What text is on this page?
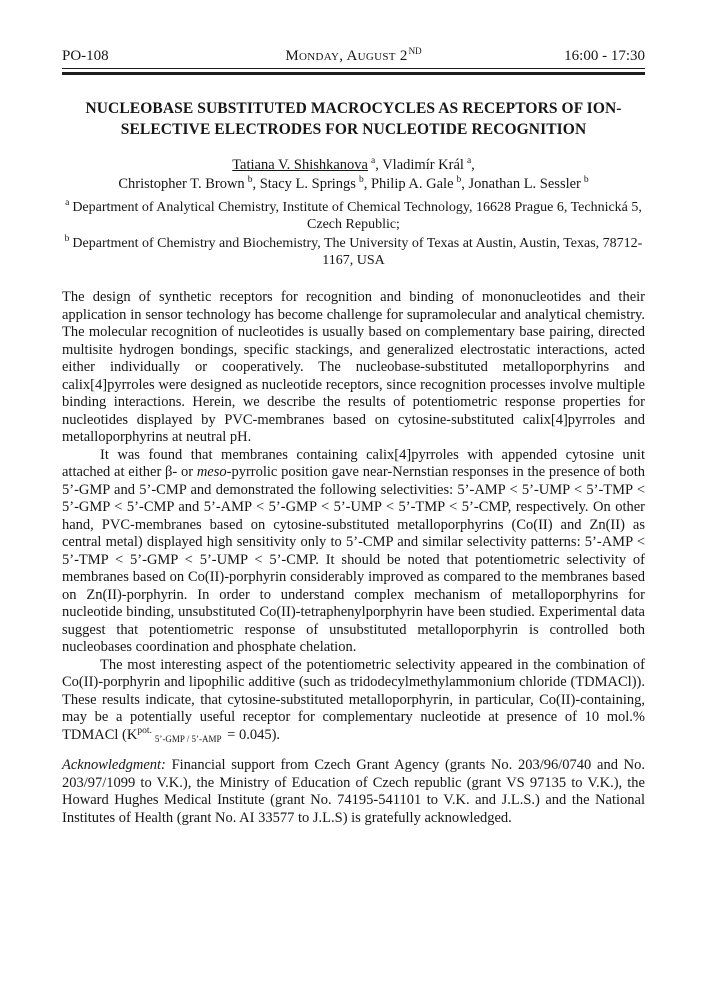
PO-108	Monday, August 2ND	16:00 - 17:30
NUCLEOBASE SUBSTITUTED MACROCYCLES AS RECEPTORS OF ION-SELECTIVE ELECTRODES FOR NUCLEOTIDE RECOGNITION
Tatiana V. Shishkanova $^a$, Vladimír Král $^a$,
Christopher T. Brown $^b$, Stacy L. Springs $^b$, Philip A. Gale $^b$, Jonathan L. Sessler $^b$

$^a$ Department of Analytical Chemistry, Institute of Chemical Technology, 16628 Prague 6, Technická 5, Czech Republic;

$^b$ Department of Chemistry and Biochemistry, The University of Texas at Austin, Austin, Texas, 78712-1167, USA

The design of synthetic receptors for recognition and binding of mononucleotides and their application in sensor technology has become challenge for supramolecular and analytical chemistry. The molecular recognition of nucleotides is usually based on complementary base pairing, directed multisite hydrogen bondings, specific stackings, and generalized electrostatic interactions, acted either individually or cooperatively. The nucleobase-substituted metalloporphyrins and calix[4]pyrroles were designed as nucleotide receptors, since recognition processes involve multiple binding interactions. Herein, we describe the results of potentiometric response properties for nucleotides displayed by PVC-membranes based on cytosine-substituted calix[4]pyrroles and metalloporphyrins at neutral pH.

It was found that membranes containing calix[4]pyrroles with appended cytosine unit attached at either β- or meso-pyrrolic position gave near-Nernstian responses in the presence of both 5’-GMP and 5’-CMP and demonstrated the following selectivities: 5’-AMP < 5’-UMP < 5’-TMP < 5’-GMP < 5’-CMP and 5’-AMP < 5’-GMP < 5’-UMP < 5’-TMP < 5’-CMP, respectively. On other hand, PVC-membranes based on cytosine-substituted metalloporphyrins (Co(II) and Zn(II) as central metal) displayed high sensitivity only to 5’-CMP and similar selectivity patterns: 5’-AMP < 5’-TMP < 5’-GMP < 5’-UMP < 5’-CMP. It should be noted that potentiometric selectivity of membranes based on Co(II)-porphyrin considerably improved as compared to the membranes based on Zn(II)-porphyrin. In order to understand complex mechanism of metalloporphyrins for nucleotide binding, unsubstituted Co(II)-tetraphenylporphyrin have been studied. Experimental data suggest that potentiometric response of unsubstituted metalloporphyrin is controlled both nucleobases coordination and phosphate chelation.

The most interesting aspect of the potentiometric selectivity appeared in the combination of Co(II)-porphyrin and lipophilic additive (such as tridodecylmethylammonium chloride (TDMACl)). These results indicate, that cytosine-substituted metalloporphyrin, in particular, Co(II)-containing, may be a potentially useful receptor for complementary nucleotide at presence of 10 mol.% TDMACl $(K^{pot.}_{5’-GMP / 5’-AMP} = 0.045)$.

Acknowledgment: Financial support from Czech Grant Agency (grants No. 203/96/0740 and No. 203/97/1099 to V.K.), the Ministry of Education of Czech republic (grant VS 97135 to V.K.), the Howard Hughes Medical Institute (grant No. 74195-541101 to V.K. and J.L.S.) and the National Institutes of Health (grant No. AI 33577 to J.L.S) is gratefully acknowledged.
